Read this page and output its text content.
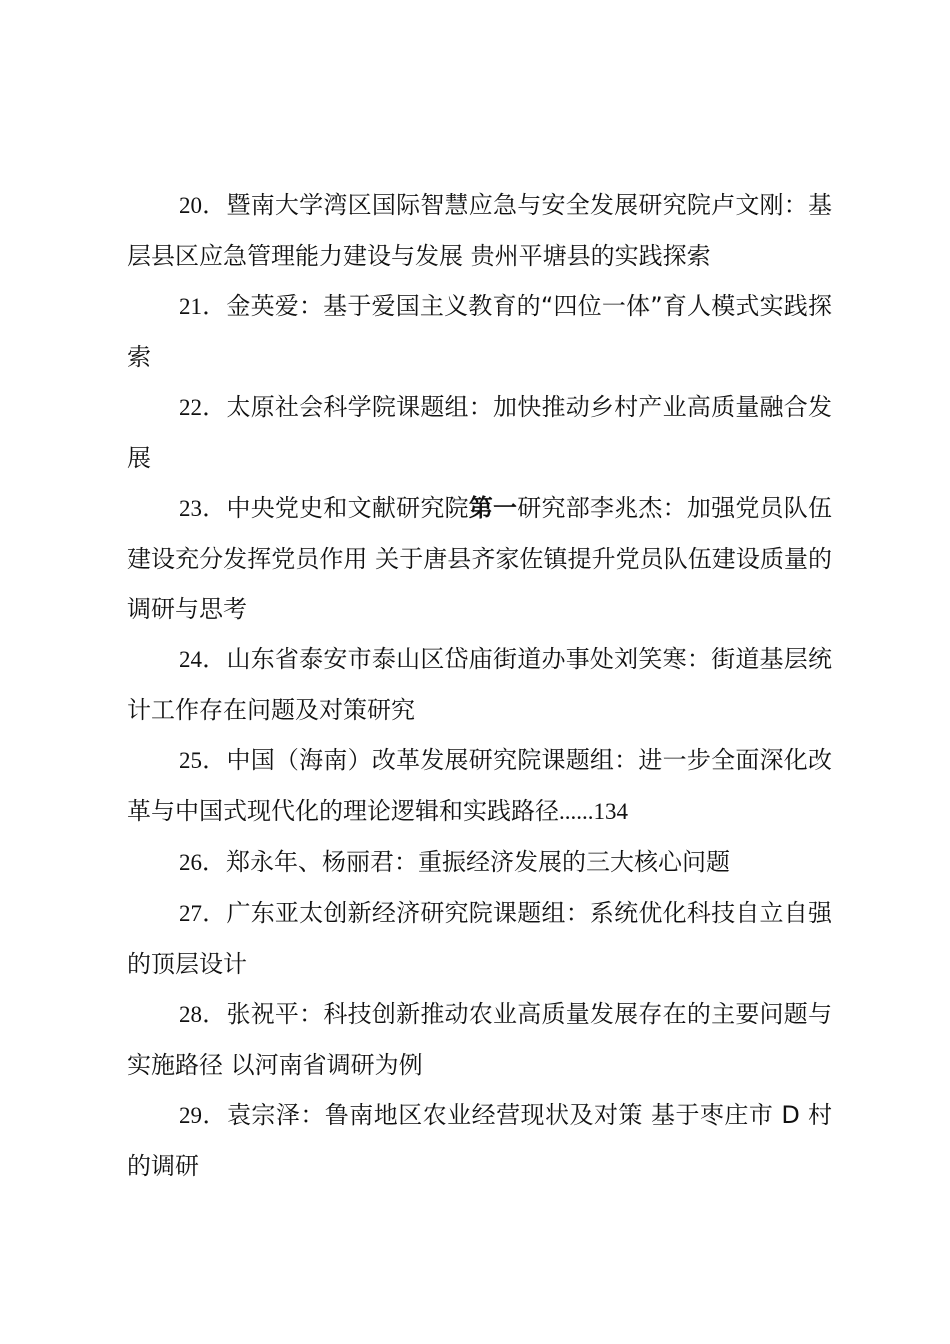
20．暨南大学湾区国际智慧应急与安全发展研究院卢文刚：基层县区应急管理能力建设与发展 贵州平塘县的实践探索

21．金英爱：基于爱国主义教育的“四位一体”育人模式实践探索

22．太原社会科学院课题组：加快推动乡村产业高质量融合发展

23．中央党史和文献研究院第一研究部李兆杰：加强党员队伍建设充分发挥党员作用 关于唐县齐家佐镇提升党员队伍建设质量的调研与思考

24．山东省泰安市泰山区岱庙街道办事处刘笑寒：街道基层统计工作存在问题及对策研究

25．中国（海南）改革发展研究院课题组：进一步全面深化改革与中国式现代化的理论逻辑和实践路径......134

26．郑永年、杨丽君：重振经济发展的三大核心问题

27．广东亚太创新经济研究院课题组：系统优化科技自立自强的顶层设计

28．张祝平：科技创新推动农业高质量发展存在的主要问题与实施路径 以河南省调研为例

29．袁宗泽：鲁南地区农业经营现状及对策 基于枣庄市 D 村的调研
